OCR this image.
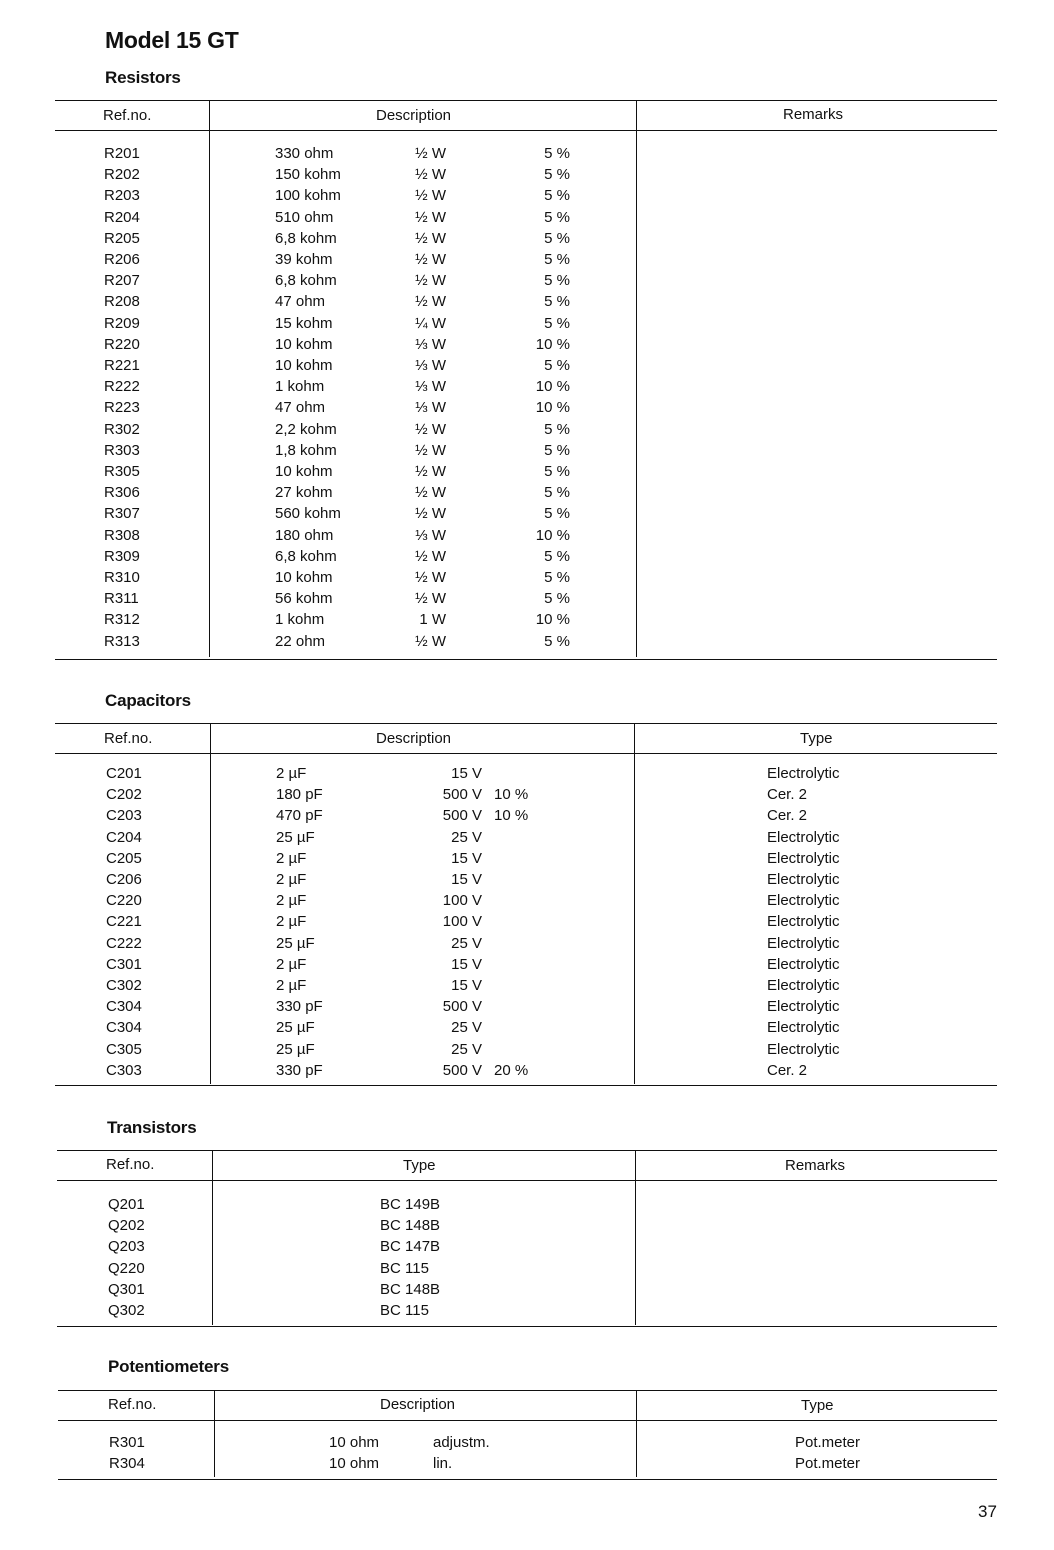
Model 15 GT
Resistors
Ref.no.	Description	Remarks
R201	330 ohm	½ W	5 %
R202	150 kohm	½ W	5 %
R203	100 kohm	½ W	5 %
R204	510 ohm	½ W	5 %
R205	6,8 kohm	½ W	5 %
R206	39 kohm	½ W	5 %
R207	6,8 kohm	½ W	5 %
R208	47 ohm	½ W	5 %
R209	15 kohm	¼ W	5 %
R220	10 kohm	⅓ W	10 %
R221	10 kohm	⅓ W	5 %
R222	1 kohm	⅓ W	10 %
R223	47 ohm	⅓ W	10 %
R302	2,2 kohm	½ W	5 %
R303	1,8 kohm	½ W	5 %
R305	10 kohm	½ W	5 %
R306	27 kohm	½ W	5 %
R307	560 kohm	½ W	5 %
R308	180 ohm	⅓ W	10 %
R309	6,8 kohm	½ W	5 %
R310	10 kohm	½ W	5 %
R311	56 kohm	½ W	5 %
R312	1 kohm	1 W	10 %
R313	22 ohm	½ W	5 %
Capacitors
Ref.no.	Description	Type
C201	2 µF	15 V	Electrolytic
C202	180 pF	500 V 10 %	Cer. 2
C203	470 pF	500 V 10 %	Cer. 2
C204	25 µF	25 V	Electrolytic
C205	2 µF	15 V	Electrolytic
C206	2 µF	15 V	Electrolytic
C220	2 µF	100 V	Electrolytic
C221	2 µF	100 V	Electrolytic
C222	25 µF	25 V	Electrolytic
C301	2 µF	15 V	Electrolytic
C302	2 µF	15 V	Electrolytic
C304	330 pF	500 V	Electrolytic
C304	25 µF	25 V	Electrolytic
C305	25 µF	25 V	Electrolytic
C303	330 pF	500 V 20 %	Cer. 2
Transistors
Ref.no.	Type	Remarks
Q201	BC 149B
Q202	BC 148B
Q203	BC 147B
Q220	BC 115
Q301	BC 148B
Q302	BC 115
Potentiometers
Ref.no.	Description	Type
R301	10 ohm	adjustm.	Pot.meter
R304	10 ohm	lin.	Pot.meter
37
